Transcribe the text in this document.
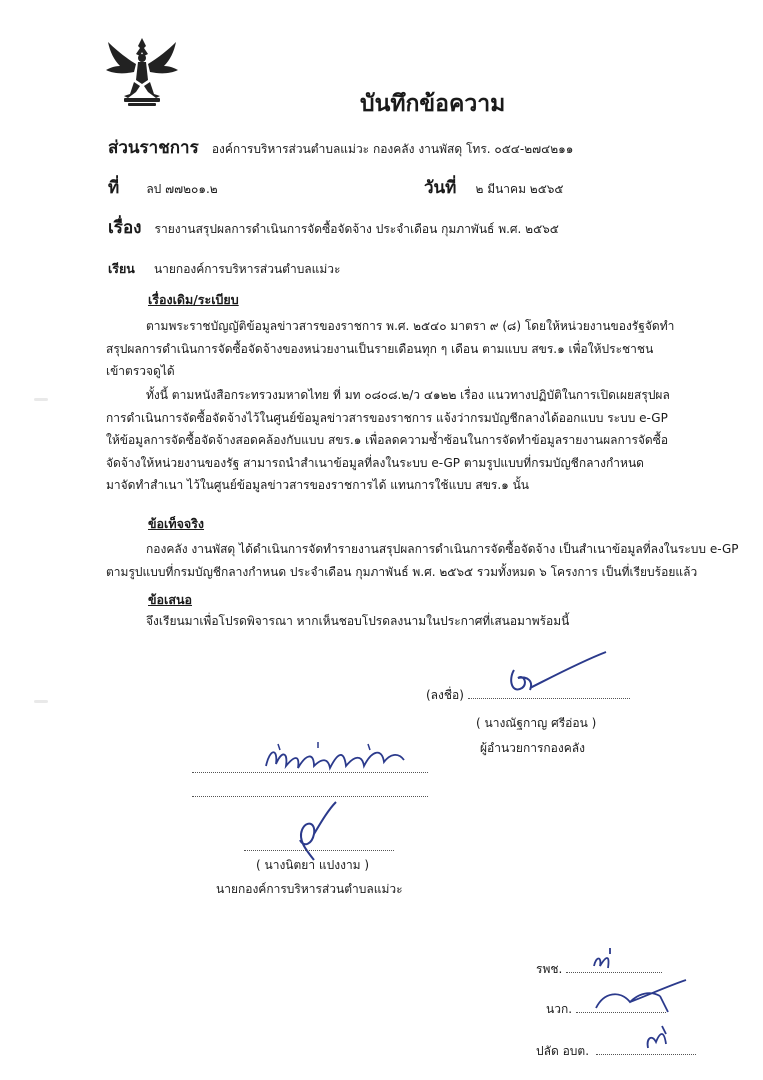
บันทึกข้อความ
ส่วนราชการ องค์การบริหารส่วนตำบลแม่วะ กองคลัง งานพัสดุ โทร. ๐๕๔-๒๗๔๒๑๑
ที่ ลป ๗๗๒๐๑.๒	วันที่ ๒ มีนาคม ๒๕๖๕
เรื่อง รายงานสรุปผลการดำเนินการจัดซื้อจัดจ้าง ประจำเดือน กุมภาพันธ์ พ.ศ. ๒๕๖๕
เรียน นายกองค์การบริหารส่วนตำบลแม่วะ
เรื่องเดิม/ระเบียบ
ตามพระราชบัญญัติข้อมูลข่าวสารของราชการ พ.ศ. ๒๕๔๐ มาตรา ๙ (๘) โดยให้หน่วยงานของรัฐจัดทำ
สรุปผลการดำเนินการจัดซื้อจัดจ้างของหน่วยงานเป็นรายเดือนทุก ๆ เดือน ตามแบบ สขร.๑ เพื่อให้ประชาชน
เข้าตรวจดูได้
ทั้งนี้ ตามหนังสือกระทรวงมหาดไทย ที่ มท ๐๘๐๘.๒/ว ๔๑๒๒ เรื่อง แนวทางปฏิบัติในการเปิดเผยสรุปผล
การดำเนินการจัดซื้อจัดจ้างไว้ในศูนย์ข้อมูลข่าวสารของราชการ แจ้งว่ากรมบัญชีกลางได้ออกแบบ ระบบ e-GP
ให้ข้อมูลการจัดซื้อจัดจ้างสอดคล้องกับแบบ สขร.๑ เพื่อลดความซ้ำซ้อนในการจัดทำข้อมูลรายงานผลการจัดซื้อ
จัดจ้างให้หน่วยงานของรัฐ สามารถนำสำเนาข้อมูลที่ลงในระบบ e-GP ตามรูปแบบที่กรมบัญชีกลางกำหนด
มาจัดทำสำเนา ไว้ในศูนย์ข้อมูลข่าวสารของราชการได้ แทนการใช้แบบ สขร.๑ นั้น
ข้อเท็จจริง
กองคลัง งานพัสดุ ได้ดำเนินการจัดทำรายงานสรุปผลการดำเนินการจัดซื้อจัดจ้าง เป็นสำเนาข้อมูลที่ลงในระบบ e-GP
ตามรูปแบบที่กรมบัญชีกลางกำหนด ประจำเดือน กุมภาพันธ์ พ.ศ. ๒๕๖๕ รวมทั้งหมด ๖ โครงการ เป็นที่เรียบร้อยแล้ว
ข้อเสนอ
จึงเรียนมาเพื่อโปรดพิจารณา หากเห็นชอบโปรดลงนามในประกาศที่เสนอมาพร้อมนี้
(ลงชื่อ)
( นางณัฐกาญ ศรีอ่อน )
ผู้อำนวยการกองคลัง
( นางนิตยา แปงงาม )
นายกองค์การบริหารส่วนตำบลแม่วะ
รพช.
นวก.
ปลัด อบต.
